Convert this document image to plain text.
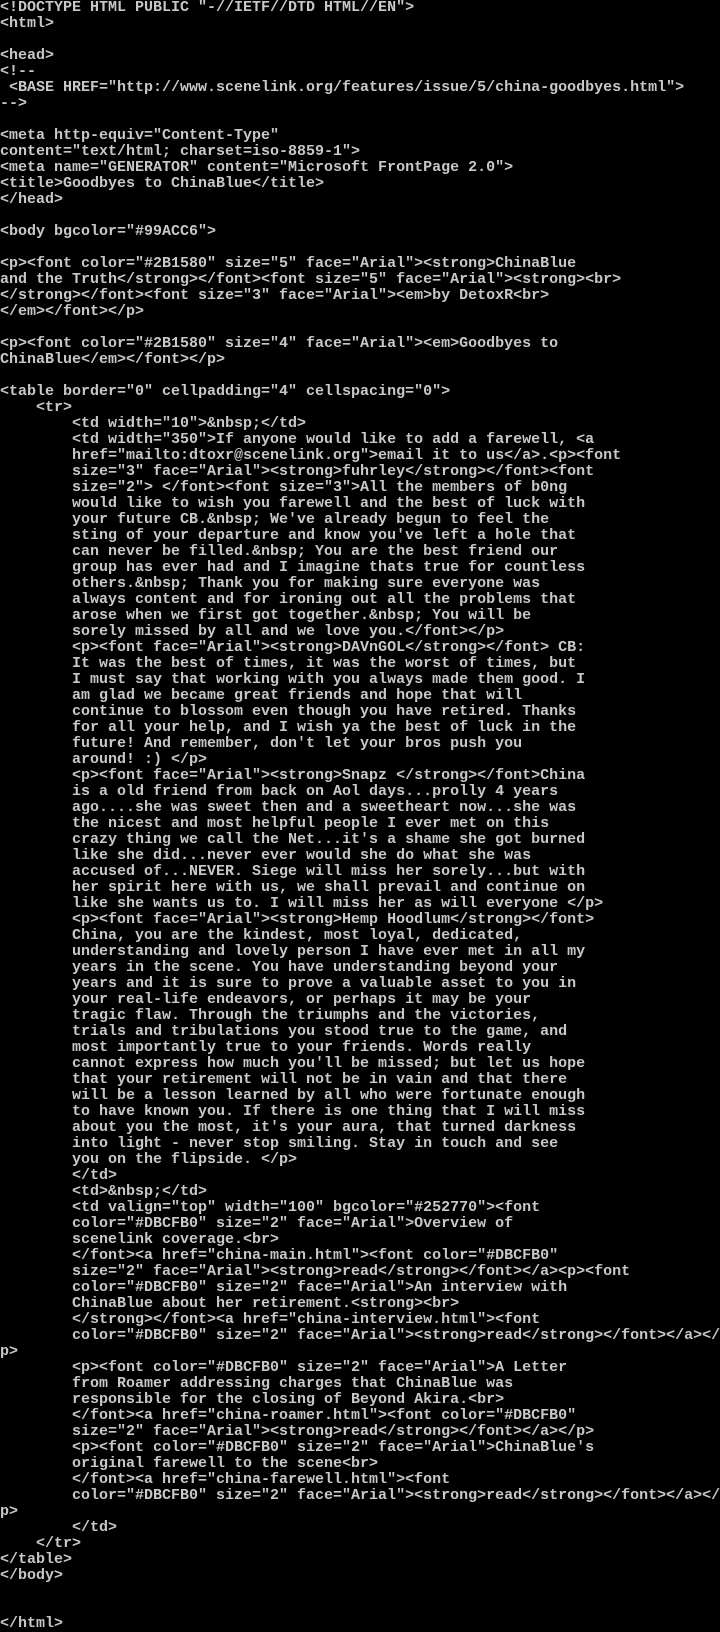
<!DOCTYPE HTML PUBLIC "-//IETF//DTD HTML//EN">
<html>

<head>
<!--
<BASE HREF="http://www.scenelink.org/features/issue/5/china-goodbyes.html">
-->

<meta http-equiv="Content-Type"
content="text/html; charset=iso-8859-1">
<meta name="GENERATOR" content="Microsoft FrontPage 2.0">
<title>Goodbyes to ChinaBlue</title>
</head>

<body bgcolor="#99ACC6">

<p><font color="#2B1580" size="5" face="Arial"><strong>ChinaBlue
and the Truth</strong></font><font size="5" face="Arial"><strong><br>
</strong></font><font size="3" face="Arial"><em>by DetoxR<br>
</em></font></p>

<p><font color="#2B1580" size="4" face="Arial"><em>Goodbyes to
ChinaBlue</em></font></p>

<table border="0" cellpadding="4" cellspacing="0">
<tr>
<td width="10">&nbsp;</td>
<td width="350">If anyone would like to add a farewell, <a
href="mailto:dtoxr@scenelink.org">email it to us</a>.<p><font
size="3" face="Arial"><strong>fuhrley</strong></font><font
size="2"> </font><font size="3">All the members of b0ng
would like to wish you farewell and the best of luck with
your future CB.&nbsp; We've already begun to feel the
sting of your departure and know you've left a hole that
can never be filled.&nbsp; You are the best friend our
group has ever had and I imagine thats true for countless
others.&nbsp; Thank you for making sure everyone was
always content and for ironing out all the problems that
arose when we first got together.&nbsp; You will be
sorely missed by all and we love you.</font></p>
<p><font face="Arial"><strong>DAVnGOL</strong></font> CB:
It was the best of times, it was the worst of times, but
I must say that working with you always made them good. I
am glad we became great friends and hope that will
continue to blossom even though you have retired. Thanks
for all your help, and I wish ya the best of luck in the
future! And remember, don't let your bros push you
around! :) </p>
<p><font face="Arial"><strong>Snapz </strong></font>China
is a old friend from back on Aol days...prolly 4 years
ago....she was sweet then and a sweetheart now...she was
the nicest and most helpful people I ever met on this
crazy thing we call the Net...it's a shame she got burned
like she did...never ever would she do what she was
accused of...NEVER. Siege will miss her sorely...but with
her spirit here with us, we shall prevail and continue on
like she wants us to. I will miss her as will everyone </p>
<p><font face="Arial"><strong>Hemp Hoodlum</strong></font>
China, you are the kindest, most loyal, dedicated,
understanding and lovely person I have ever met in all my
years in the scene. You have understanding beyond your
years and it is sure to prove a valuable asset to you in
your real-life endeavors, or perhaps it may be your
tragic flaw. Through the triumphs and the victories,
trials and tribulations you stood true to the game, and
most importantly true to your friends. Words really
cannot express how much you'll be missed; but let us hope
that your retirement will not be in vain and that there
will be a lesson learned by all who were fortunate enough
to have known you. If there is one thing that I will miss
about you the most, it's your aura, that turned darkness
into light - never stop smiling. Stay in touch and see
you on the flipside. </p>
</td>
<td>&nbsp;</td>
<td valign="top" width="100" bgcolor="#252770"><font
color="#DBCFB0" size="2" face="Arial">Overview of
scenelink coverage.<br>
</font><a href="china-main.html"><font color="#DBCFB0"
size="2" face="Arial"><strong>read</strong></font></a><p><font
color="#DBCFB0" size="2" face="Arial">An interview with
ChinaBlue about her retirement.<strong><br>
</strong></font><a href="china-interview.html"><font
color="#DBCFB0" size="2" face="Arial"><strong>read</strong></font></a></
p>
<p><font color="#DBCFB0" size="2" face="Arial">A Letter
from Roamer addressing charges that ChinaBlue was
responsible for the closing of Beyond Akira.<br>
</font><a href="china-roamer.html"><font color="#DBCFB0"
size="2" face="Arial"><strong>read</strong></font></a></p>
<p><font color="#DBCFB0" size="2" face="Arial">ChinaBlue's
original farewell to the scene<br>
</font><a href="china-farewell.html"><font
color="#DBCFB0" size="2" face="Arial"><strong>read</strong></font></a></
p>
</td>
</tr>
</table>
</body>

</html>
